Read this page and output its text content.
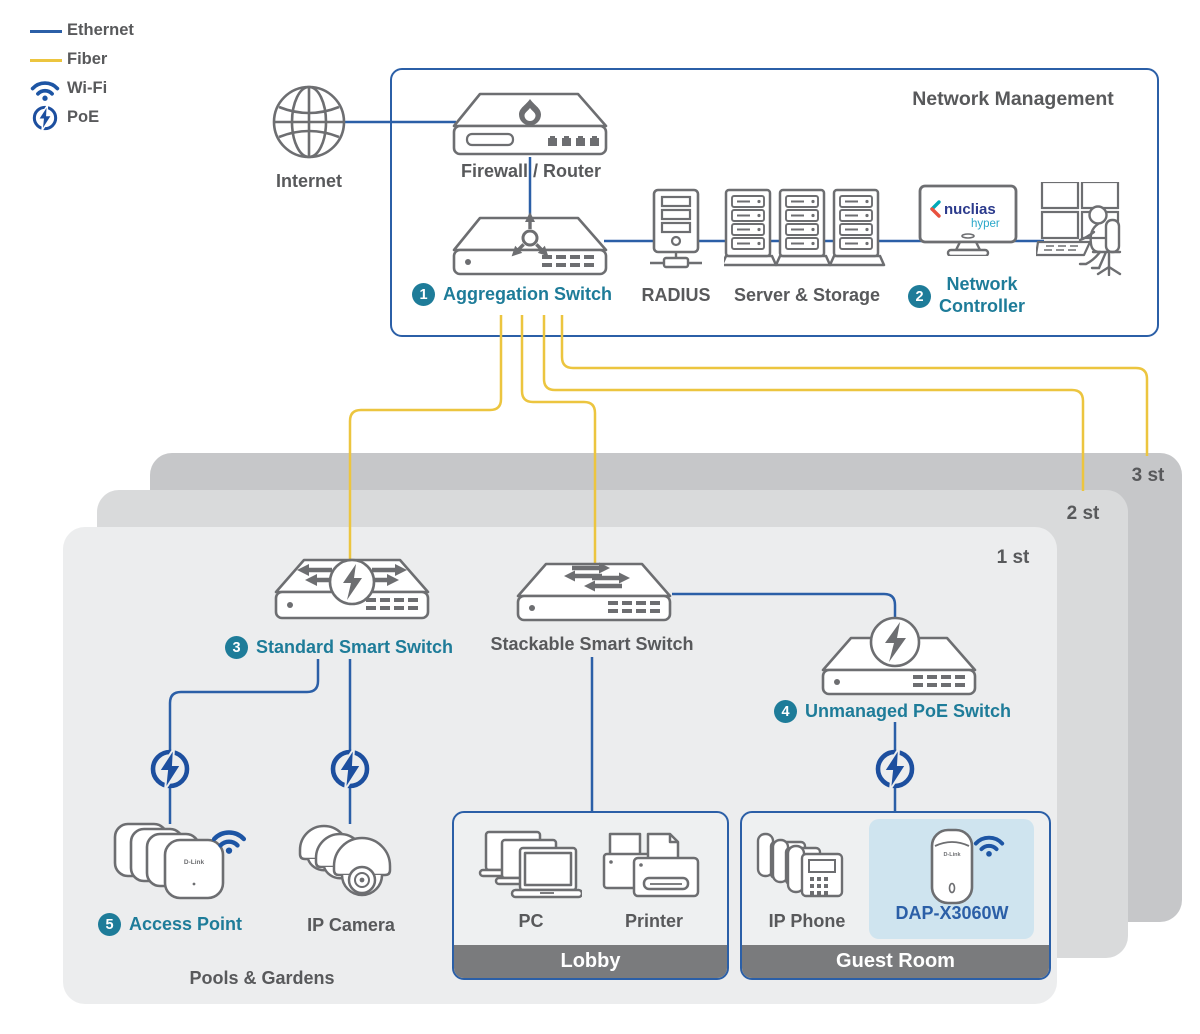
3 st
2 st
1 st
Network Management
Lobby	Guest Room
Ethernet
Fiber
Wi-Fi
PoE
Internet	Firewall / Router
1 Aggregation Switch RADIUS Server & Storage
nuclias
hyper
2
Network
Controller
3 Standard Smart Switch Stackable Smart Switch
4 Unmanaged PoE Switch
D-Link
5 Access Point	IP Camera
Pools & Gardens
PC	Printer	IP Phone
D-Link
DAP-X3060W
